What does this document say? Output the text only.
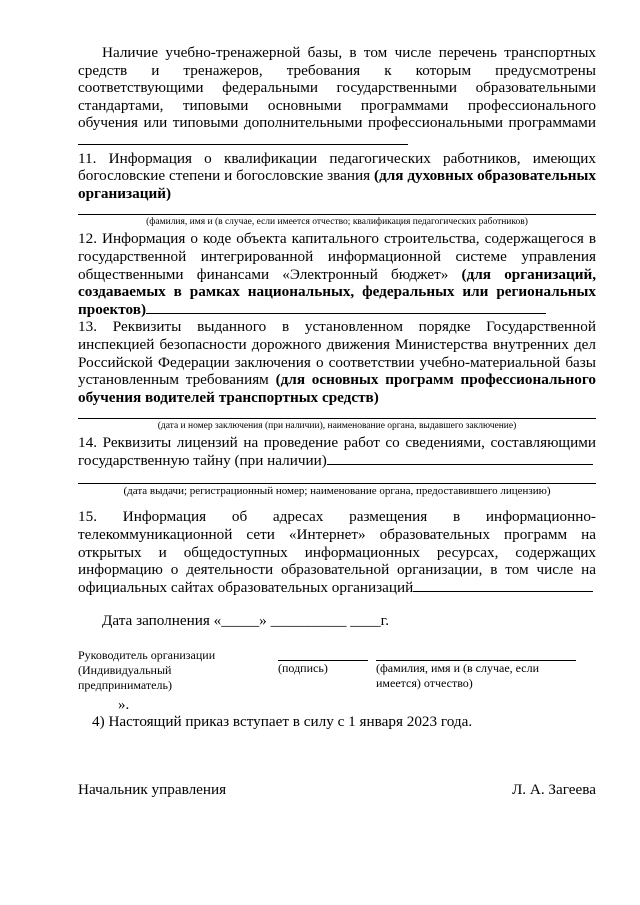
Наличие учебно-тренажерной базы, в том числе перечень транспортных средств и тренажеров, требования к которым предусмотрены соответствующими федеральными государственными образовательными стандартами, типовыми основными программами профессионального обучения или типовыми дополнительными профессиональными программами

11. Информация о квалификации педагогических работников, имеющих богословские степени и богословские звания (для духовных образовательных организаций)

(фамилия, имя и (в случае, если имеется отчество; квалификация педагогических работников)

12. Информация о коде объекта капитального строительства, содержащегося в государственной интегрированной информационной системе управления общественными финансами «Электронный бюджет» (для организаций, создаваемых в рамках национальных, федеральных или региональных проектов)

13. Реквизиты выданного в установленном порядке Государственной инспекцией безопасности дорожного движения Министерства внутренних дел Российской Федерации заключения о соответствии учебно-материальной базы установленным требованиям (для основных программ профессионального обучения водителей транспортных средств)

(дата и номер заключения (при наличии), наименование органа, выдавшего заключение)

14. Реквизиты лицензий на проведение работ со сведениями, составляющими государственную тайну (при наличии)

(дата выдачи; регистрационный номер; наименование органа, предоставившего лицензию)

15. Информация об адресах размещения в информационно-телекоммуникационной сети «Интернет» образовательных программ на открытых и общедоступных информационных ресурсах, содержащих информацию о деятельности образовательной организации, в том числе на официальных сайтах образовательных организаций

Дата заполнения «_____» __________ ____г.

Руководитель организации (Индивидуальный предприниматель)
(подпись)	(фамилия, имя и (в случае, если имеется) отчество)
».
4) Настоящий приказ вступает в силу с 1 января 2023 года.
Начальник управления	Л. А. Загеева
